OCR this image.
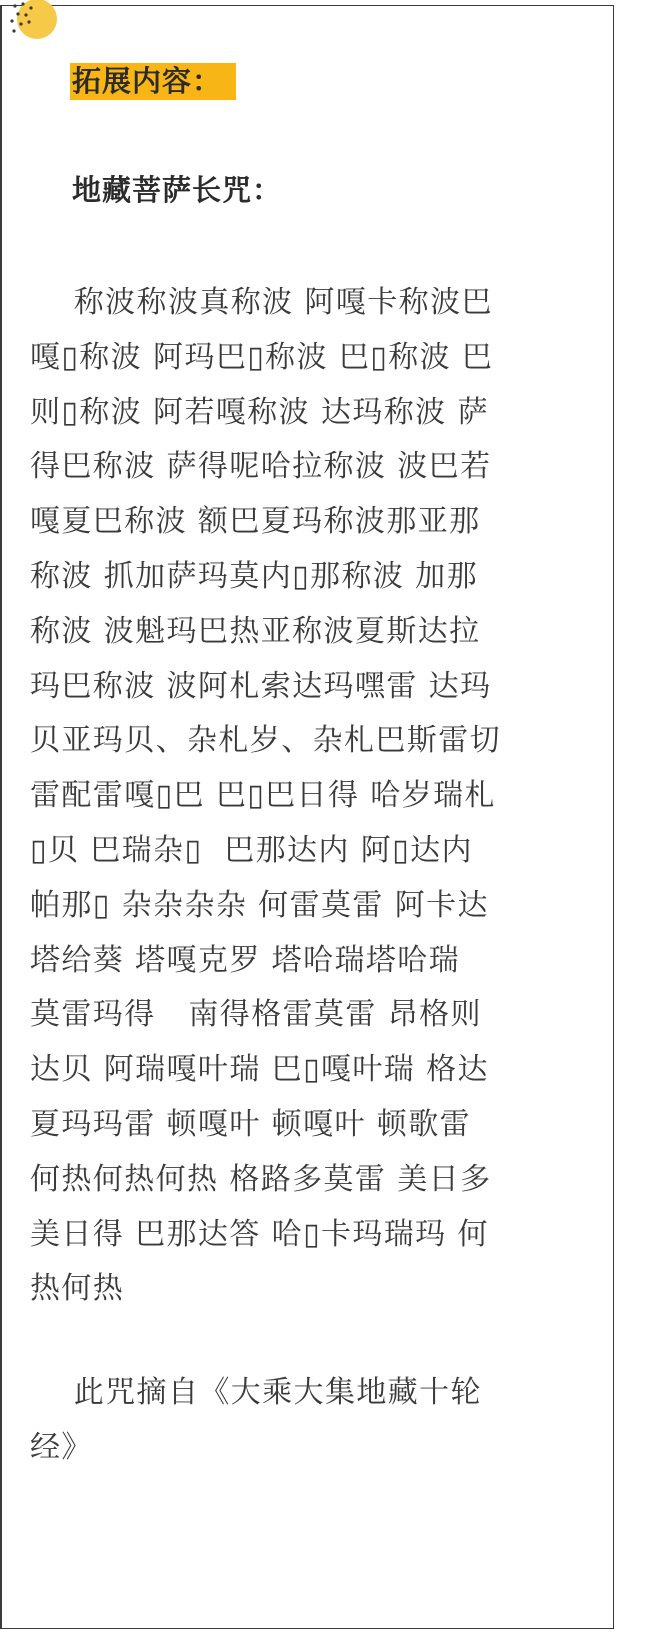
拓展内容：
地藏菩萨长咒：
称波称波真称波 阿嘎卡称波巴
嘎▯称波 阿玛巴▯称波 巴▯称波 巴
则▯称波 阿若嘎称波 达玛称波 萨
得巴称波 萨得呢哈拉称波 波巴若
嘎夏巴称波 额巴夏玛称波那亚那
称波 抓加萨玛莫内▯那称波 加那
称波 波魁玛巴热亚称波夏斯达拉
玛巴称波 波阿札索达玛嘿雷 达玛
贝亚玛贝、杂札岁、杂札巴斯雷切
雷配雷嘎▯巴 巴▯巴日得 哈岁瑞札
▯贝 巴瑞杂▯  巴那达内 阿▯达内
帕那▯ 杂杂杂杂 何雷莫雷 阿卡达
塔给葵 塔嘎克罗 塔哈瑞塔哈瑞
莫雷玛得   南得格雷莫雷 昂格则
达贝 阿瑞嘎叶瑞 巴▯嘎叶瑞 格达
夏玛玛雷 顿嘎叶 顿嘎叶 顿歌雷
何热何热何热 格路多莫雷 美日多
美日得 巴那达答 哈▯卡玛瑞玛 何
热何热
此咒摘自《大乘大集地藏十轮
经》
